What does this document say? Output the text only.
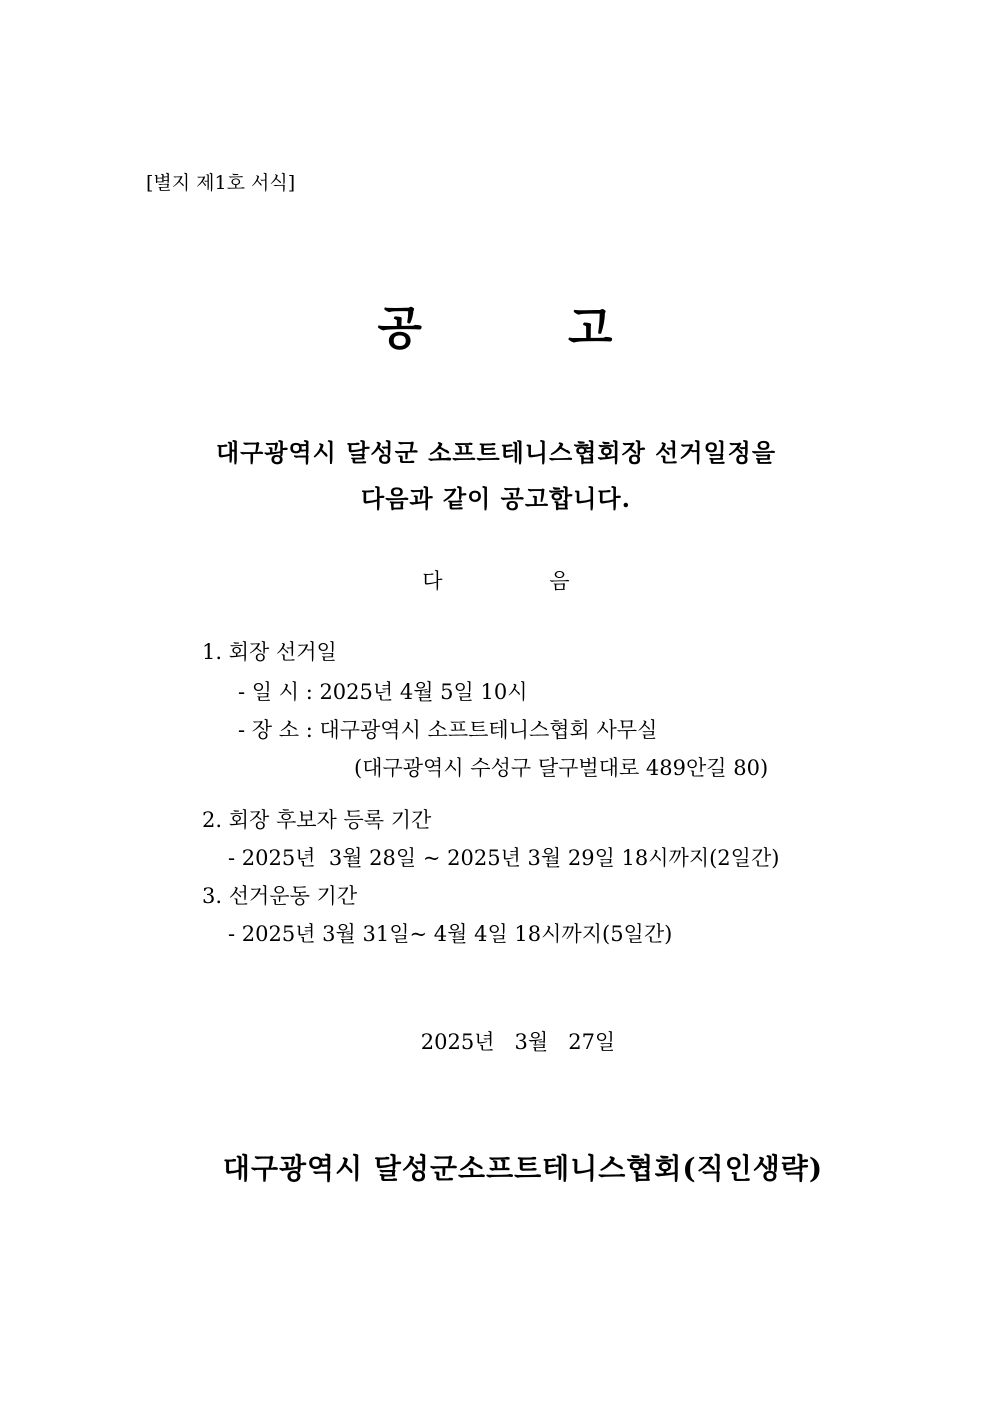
[별지 제1호 서식]
공        고
대구광역시 달성군 소프트테니스협회장 선거일정을
다음과 같이 공고합니다.
다                음
1. 회장 선거일
- 일 시 : 2025년 4월 5일 10시
- 장 소 : 대구광역시 소프트테니스협회 사무실
(대구광역시 수성구 달구벌대로 489안길 80)
2. 회장 후보자 등록 기간
- 2025년  3월 28일 ~ 2025년 3월 29일 18시까지(2일간)
3. 선거운동 기간
- 2025년 3월 31일~ 4월 4일 18시까지(5일간)
2025년   3월   27일
대구광역시 달성군소프트테니스협회(직인생략)
